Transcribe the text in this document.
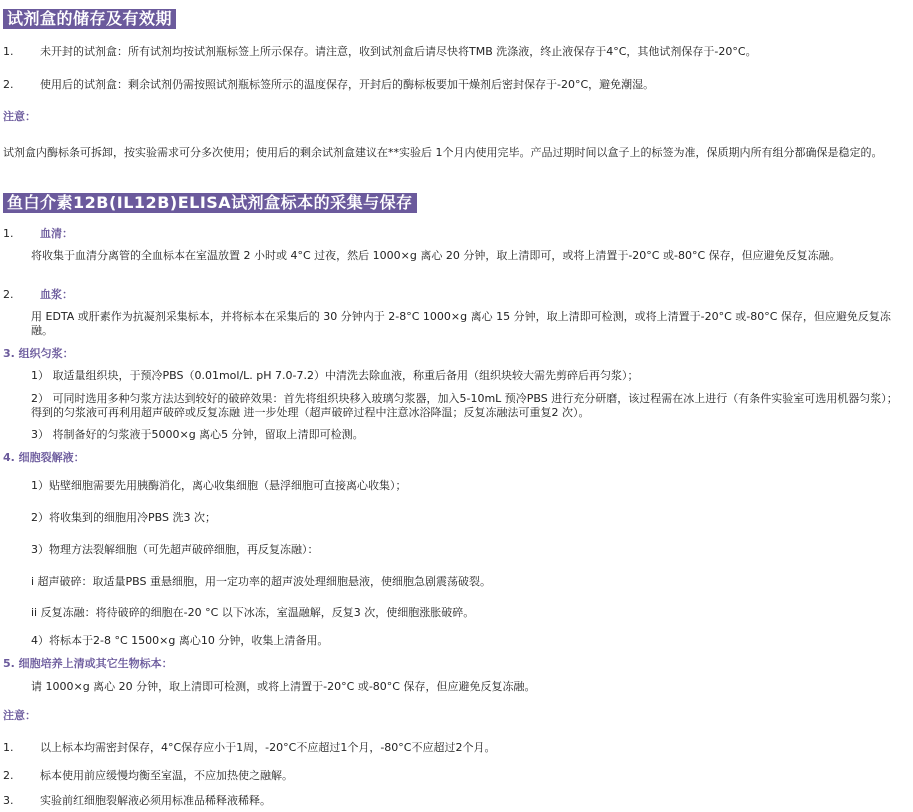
试剂盒的储存及有效期
1. 未开封的试剂盒：所有试剂均按试剂瓶标签上所示保存。请注意，收到试剂盒后请尽快将TMB 洗涤液，终止液保存于4°C，其他试剂保存于-20°C。
2. 使用后的试剂盒：剩余试剂仍需按照试剂瓶标签所示的温度保存，开封后的酶标板要加干燥剂后密封保存于-20°C，避免潮湿。
注意：
试剂盒内酶标条可拆卸，按实验需求可分多次使用；使用后的剩余试剂盒建议在**实验后 1个月内使用完毕。产品过期时间以盒子上的标签为准，保质期内所有组分都确保是稳定的。
鱼白介素12B(IL12B)ELISA试剂盒标本的采集与保存
1. 血清：
将收集于血清分离管的全血标本在室温放置 2 小时或 4°C 过夜，然后 1000×g 离心 20 分钟，取上清即可，或将上清置于-20°C 或-80°C 保存，但应避免反复冻融。
2. 血浆：
用 EDTA 或肝素作为抗凝剂采集标本，并将标本在采集后的 30 分钟内于 2-8°C 1000×g 离心 15 分钟，取上清即可检测，或将上清置于-20°C 或-80°C 保存，但应避免反复冻融。
3. 组织匀浆：
1） 取适量组织块，于预冷PBS（0.01mol/L. pH 7.0-7.2）中清洗去除血液，称重后备用（组织块较大需先剪碎后再匀浆）；
2） 可同时选用多种匀浆方法达到较好的破碎效果：首先将组织块移入玻璃匀浆器，加入5-10mL 预冷PBS 进行充分研磨，该过程需在冰上进行（有条件实验室可选用机器匀浆）；得到的匀浆液可再利用超声破碎或反复冻融 进一步处理（超声破碎过程中注意冰浴降温；反复冻融法可重复2 次）。
3） 将制备好的匀浆液于5000×g 离心5 分钟，留取上清即可检测。
4. 细胞裂解液：
1）贴壁细胞需要先用胰酶消化，离心收集细胞（悬浮细胞可直接离心收集）；
2）将收集到的细胞用冷PBS 洗3 次；
3）物理方法裂解细胞（可先超声破碎细胞，再反复冻融）：
i 超声破碎：取适量PBS 重悬细胞，用一定功率的超声波处理细胞悬液，使细胞急剧震荡破裂。
ii 反复冻融：将待破碎的细胞在-20 °C 以下冰冻，室温融解，反复3 次，使细胞涨胀破碎。
4）将标本于2-8 °C 1500×g 离心10 分钟，收集上清备用。
5. 细胞培养上清或其它生物标本：
请 1000×g 离心 20 分钟，取上清即可检测，或将上清置于-20°C 或-80°C 保存，但应避免反复冻融。
注意：
1. 以上标本均需密封保存，4°C保存应小于1周，-20°C不应超过1个月，-80°C不应超过2个月。
2. 标本使用前应缓慢均衡至室温，不应加热使之融解。
3. 实验前红细胞裂解液必须用标准品稀释液稀释。
